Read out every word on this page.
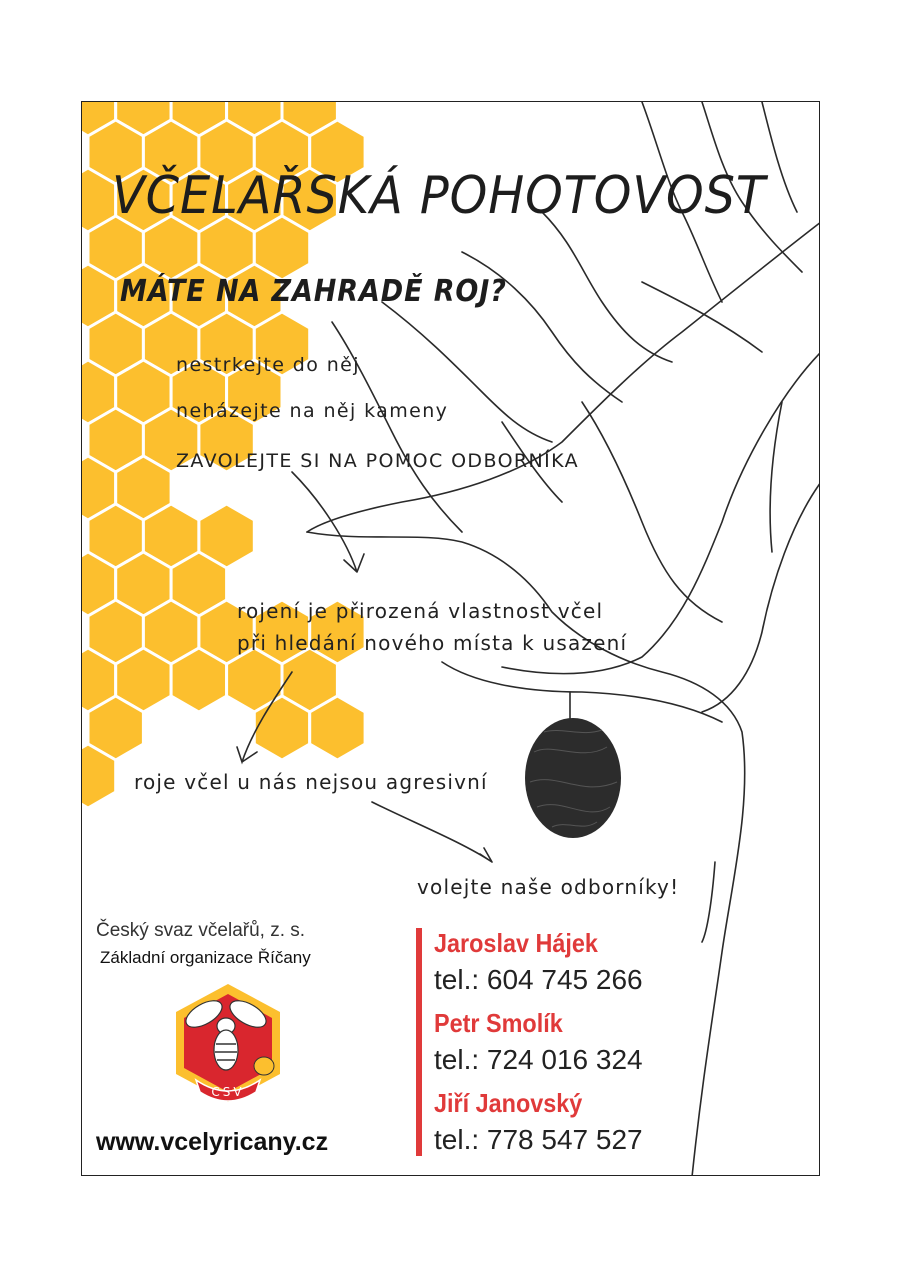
VČELAŘSKÁ POHOTOVOST
MÁTE NA ZAHRADĚ ROJ?

nestrkejte do něj

neházejte na něj kameny

ZAVOLEJTE SI NA POMOC ODBORNÍKA

rojení je přirozená vlastnost včel

při hledání nového místa k usazení

roje včel u nás nejsou agresivní

volejte naše odborníky!

Český svaz včelařů, z. s.

Základní organizace Říčany

CSV
www.vcelyricany.cz
Jaroslav Hájek
tel.: 604 745 266
Petr Smolík
tel.: 724 016 324
Jiří Janovský
tel.: 778 547 527
